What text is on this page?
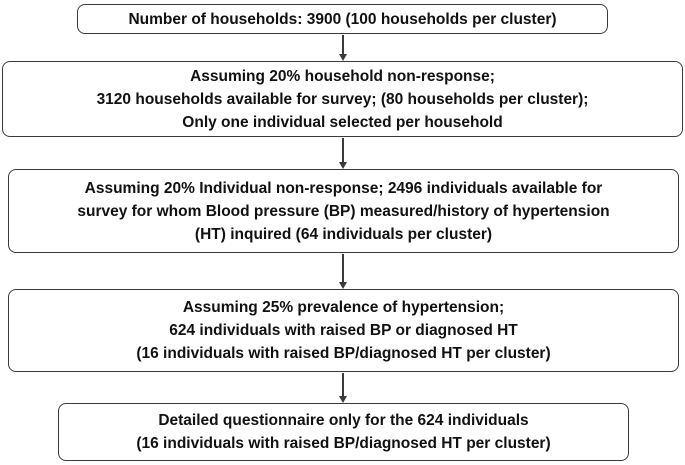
Number of households: 3900 (100 households per cluster)
Assuming 20% household non-response;
3120 households available for survey; (80 households per cluster);
Only one individual selected per household
Assuming 20% Individual non-response; 2496 individuals available for
survey for whom Blood pressure (BP) measured/history of hypertension
(HT) inquired (64 individuals per cluster)
Assuming 25% prevalence of hypertension;
624 individuals with raised BP or diagnosed HT
(16 individuals with raised BP/diagnosed HT per cluster)
Detailed questionnaire only for the 624 individuals
(16 individuals with raised BP/diagnosed HT per cluster)
